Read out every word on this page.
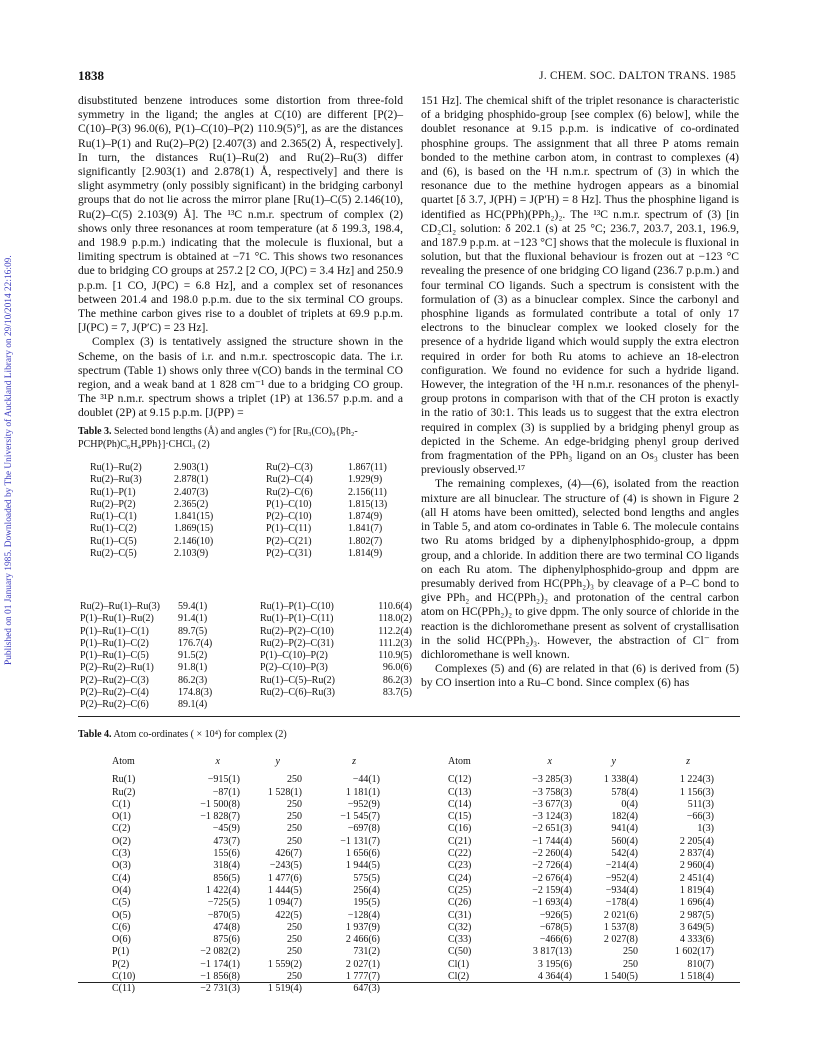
Published on 01 January 1985. Downloaded by The University of Auckland Library on 29/10/2014 22:16:09.
1838	J. CHEM. SOC. DALTON TRANS. 1985

disubstituted benzene introduces some distortion from three-fold symmetry in the ligand; the angles at C(10) are different [P(2)–C(10)–P(3) 96.0(6), P(1)–C(10)–P(2) 110.9(5)°], as are the distances Ru(1)–P(1) and Ru(2)–P(2) [2.407(3) and 2.365(2) Å, respectively]. In turn, the distances Ru(1)–Ru(2) and Ru(2)–Ru(3) differ significantly [2.903(1) and 2.878(1) Å, respectively] and there is slight asymmetry (only possibly significant) in the bridging carbonyl groups that do not lie across the mirror plane [Ru(1)–C(5) 2.146(10), Ru(2)–C(5) 2.103(9) Å]. The ¹³C n.m.r. spectrum of complex (2) shows only three resonances at room temperature (at δ 199.3, 198.4, and 198.9 p.p.m.) indicating that the molecule is fluxional, but a limiting spectrum is obtained at −71 °C. This shows two resonances due to bridging CO groups at 257.2 [2 CO, J(PC) = 3.4 Hz] and 250.9 p.p.m. [1 CO, J(PC) = 6.8 Hz], and a complex set of resonances between 201.4 and 198.0 p.p.m. due to the six terminal CO groups. The methine carbon gives rise to a doublet of triplets at 69.9 p.p.m. [J(PC) = 7, J(P′C) = 23 Hz].

Complex (3) is tentatively assigned the structure shown in the Scheme, on the basis of i.r. and n.m.r. spectroscopic data. The i.r. spectrum (Table 1) shows only three ν(CO) bands in the terminal CO region, and a weak band at 1 828 cm⁻¹ due to a bridging CO group. The ³¹P n.m.r. spectrum shows a triplet (1P) at 136.57 p.p.m. and a doublet (2P) at 9.15 p.p.m. [J(PP) =

151 Hz]. The chemical shift of the triplet resonance is characteristic of a bridging phosphido-group [see complex (6) below], while the doublet resonance at 9.15 p.p.m. is indicative of co-ordinated phosphine groups. The assignment that all three P atoms remain bonded to the methine carbon atom, in contrast to complexes (4) and (6), is based on the ¹H n.m.r. spectrum of (3) in which the resonance due to the methine hydrogen appears as a binomial quartet [δ 3.7, J(PH) = J(P′H) = 8 Hz]. Thus the phosphine ligand is identified as HC(PPh)(PPh₂)₂. The ¹³C n.m.r. spectrum of (3) [in CD₂Cl₂ solution: δ 202.1 (s) at 25 °C; 236.7, 203.7, 203.1, 196.9, and 187.9 p.p.m. at −123 °C] shows that the molecule is fluxional in solution, but that the fluxional behaviour is frozen out at −123 °C revealing the presence of one bridging CO ligand (236.7 p.p.m.) and four terminal CO ligands. Such a spectrum is consistent with the formulation of (3) as a binuclear complex. Since the carbonyl and phosphine ligands as formulated contribute a total of only 17 electrons to the binuclear complex we looked closely for the presence of a hydride ligand which would supply the extra electron required in order for both Ru atoms to achieve an 18-electron configuration. We found no evidence for such a hydride ligand. However, the integration of the ¹H n.m.r. resonances of the phenyl-group protons in comparison with that of the CH proton is exactly in the ratio of 30:1. This leads us to suggest that the extra electron required in complex (3) is supplied by a bridging phenyl group as depicted in the Scheme. An edge-bridging phenyl group derived from fragmentation of the PPh₃ ligand on an Os₃ cluster has been previously observed.¹⁷

The remaining complexes, (4)—(6), isolated from the reaction mixture are all binuclear. The structure of (4) is shown in Figure 2 (all H atoms have been omitted), selected bond lengths and angles in Table 5, and atom co-ordinates in Table 6. The molecule contains two Ru atoms bridged by a diphenylphosphido-group, a dppm group, and a chloride. In addition there are two terminal CO ligands on each Ru atom. The diphenylphosphido-group and dppm are presumably derived from HC(PPh₂)₃ by cleavage of a P–C bond to give PPh₂ and HC(PPh₂)₂ and protonation of the central carbon atom on HC(PPh₂)₂ to give dppm. The only source of chloride in the reaction is the dichloromethane present as solvent of crystallisation in the solid HC(PPh₂)₃. However, the abstraction of Cl⁻ from dichloromethane is well known.

Complexes (5) and (6) are related in that (6) is derived from (5) by CO insertion into a Ru–C bond. Since complex (6) has

Table 3. Selected bond lengths (Å) and angles (°) for [Ru₃(CO)₉{Ph₂-PCHP(Ph)C₆H₄PPh}]·CHCl₃ (2)
Ru(1)–Ru(2)	2.903(1)	Ru(2)–C(3)	1.867(11)
Ru(2)–Ru(3)	2.878(1)	Ru(2)–C(4)	1.929(9)
Ru(1)–P(1)	2.407(3)	Ru(2)–C(6)	2.156(11)
Ru(2)–P(2)	2.365(2)	P(1)–C(10)	1.815(13)
Ru(1)–C(1)	1.841(15)	P(2)–C(10)	1.874(9)
Ru(1)–C(2)	1.869(15)	P(1)–C(11)	1.841(7)
Ru(1)–C(5)	2.146(10)	P(2)–C(21)	1.802(7)
Ru(2)–C(5)	2.103(9)	P(2)–C(31)	1.814(9)
Ru(2)–Ru(1)–Ru(3)	59.4(1)	Ru(1)–P(1)–C(10)	110.6(4)
P(1)–Ru(1)–Ru(2)	91.4(1)	Ru(1)–P(1)–C(11)	118.0(2)
P(1)–Ru(1)–C(1)	89.7(5)	Ru(2)–P(2)–C(10)	112.2(4)
P(1)–Ru(1)–C(2)	176.7(4)	Ru(2)–P(2)–C(31)	111.2(3)
P(1)–Ru(1)–C(5)	91.5(2)	P(1)–C(10)–P(2)	110.9(5)
P(2)–Ru(2)–Ru(1)	91.8(1)	P(2)–C(10)–P(3)	96.0(6)
P(2)–Ru(2)–C(3)	86.2(3)	Ru(1)–C(5)–Ru(2)	86.2(3)
P(2)–Ru(2)–C(4)	174.8(3)	Ru(2)–C(6)–Ru(3)	83.7(5)
P(2)–Ru(2)–C(6)	89.1(4)		
Table 4. Atom co-ordinates ( × 10⁴) for complex (2)
Atom	x	y	z

Ru(1)	−915(1)	250	−44(1)
Ru(2)	−87(1)	1 528(1)	1 181(1)
C(1)	−1 500(8)	250	−952(9)
O(1)	−1 828(7)	250	−1 545(7)
C(2)	−45(9)	250	−697(8)
O(2)	473(7)	250	−1 131(7)
C(3)	155(6)	426(7)	1 656(6)
O(3)	318(4)	−243(5)	1 944(5)
C(4)	856(5)	1 477(6)	575(5)
O(4)	1 422(4)	1 444(5)	256(4)
C(5)	−725(5)	1 094(7)	195(5)
O(5)	−870(5)	422(5)	−128(4)
C(6)	474(8)	250	1 937(9)
O(6)	875(6)	250	2 466(6)
P(1)	−2 082(2)	250	731(2)
P(2)	−1 174(1)	1 559(2)	2 027(1)
C(10)	−1 856(8)	250	1 777(7)
C(11)	−2 731(3)	1 519(4)	647(3)
Atom	x	y	z

C(12)	−3 285(3)	1 338(4)	1 224(3)
C(13)	−3 758(3)	578(4)	1 156(3)
C(14)	−3 677(3)	0(4)	511(3)
C(15)	−3 124(3)	182(4)	−66(3)
C(16)	−2 651(3)	941(4)	1(3)
C(21)	−1 744(4)	560(4)	2 205(4)
C(22)	−2 260(4)	542(4)	2 837(4)
C(23)	−2 726(4)	−214(4)	2 960(4)
C(24)	−2 676(4)	−952(4)	2 451(4)
C(25)	−2 159(4)	−934(4)	1 819(4)
C(26)	−1 693(4)	−178(4)	1 696(4)
C(31)	−926(5)	2 021(6)	2 987(5)
C(32)	−678(5)	1 537(8)	3 649(5)
C(33)	−466(6)	2 027(8)	4 333(6)
C(50)	3 817(13)	250	1 602(17)
Cl(1)	3 195(6)	250	810(7)
Cl(2)	4 364(4)	1 540(5)	1 518(4)
